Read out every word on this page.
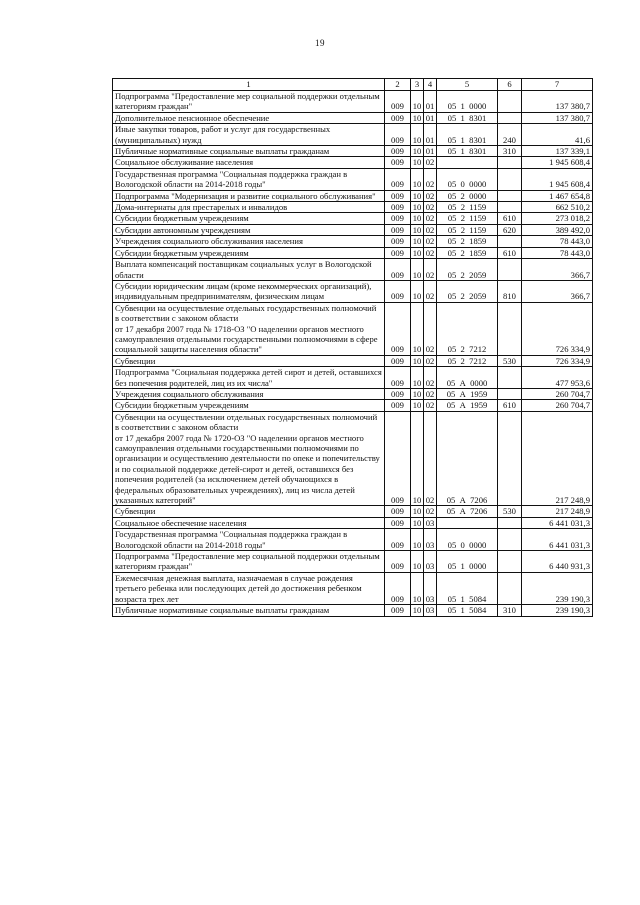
19
1	2	3	4	5	6	7
Подпрограмма "Предоставление мер социальной поддержки отдельным категориям граждан"	009	10	01	05  1  0000		137 380,7
Дополнительное пенсионное обеспечение	009	10	01	05  1  8301		137 380,7
Иные закупки товаров, работ и услуг для государственных (муниципальных) нужд	009	10	01	05  1  8301	240	41,6
Публичные нормативные социальные выплаты гражданам	009	10	01	05  1  8301	310	137 339,1
Социальное обслуживание населения	009	10	02			1 945 608,4
Государственная программа "Социальная поддержка граждан в Вологодской области на 2014-2018 годы"	009	10	02	05  0  0000		1 945 608,4
Подпрограмма "Модернизация и развитие социального обслуживания"	009	10	02	05  2  0000		1 467 654,8
Дома-интернаты для престарелых и инвалидов	009	10	02	05  2  1159		662 510,2
Субсидии бюджетным учреждениям	009	10	02	05  2  1159	610	273 018,2
Субсидии автономным учреждениям	009	10	02	05  2  1159	620	389 492,0
Учреждения социального обслуживания населения	009	10	02	05  2  1859		78 443,0
Субсидии бюджетным учреждениям	009	10	02	05  2  1859	610	78 443,0
Выплата компенсаций поставщикам социальных услуг в Вологодской области	009	10	02	05  2  2059		366,7
Субсидии юридическим лицам (кроме некоммерческих организаций), индивидуальным предпринимателям, физическим лицам	009	10	02	05  2  2059	810	366,7
Субвенции на осуществление отдельных государственных полномочий в соответствии с законом области
от 17 декабря 2007 года № 1718-ОЗ "О наделении органов местного самоуправления отдельными государственными полномочиями в сфере социальной защиты населения области"	009	10	02	05  2  7212		726 334,9
Субвенции	009	10	02	05  2  7212	530	726 334,9
Подпрограмма "Социальная поддержка детей сирот и детей, оставшихся без попечения родителей, лиц из их числа"	009	10	02	05  А  0000		477 953,6
Учреждения социального обслуживания	009	10	02	05  А  1959		260 704,7
Субсидии бюджетным учреждениям	009	10	02	05  А  1959	610	260 704,7
Субвенции на осуществлении отдельных государственных полномочий в соответствии с законом области
от 17 декабря 2007 года № 1720-ОЗ "О наделении органов местного самоуправления отдельными государственными полномочиями по организации и осуществлению деятельности по опеке и попечительству и по социальной поддержке детей-сирот и детей, оставшихся без попечения родителей (за исключением детей обучающихся в федеральных образовательных учреждениях), лиц из числа детей указанных категорий"	009	10	02	05  А  7206		217 248,9
Субвенции	009	10	02	05  А  7206	530	217 248,9
Социальное обеспечение населения	009	10	03			6 441 031,3
Государственная программа "Социальная поддержка граждан в Вологодской области на 2014-2018 годы"	009	10	03	05  0  0000		6 441 031,3
Подпрограмма "Предоставление мер социальной поддержки отдельным категориям граждан"	009	10	03	05  1  0000		6 440 931,3
Ежемесячная денежная выплата, назначаемая в случае рождения третьего ребенка или последующих детей до достижения ребенком возраста трех лет	009	10	03	05  1  5084		239 190,3
Публичные нормативные социальные выплаты гражданам	009	10	03	05  1  5084	310	239 190,3
